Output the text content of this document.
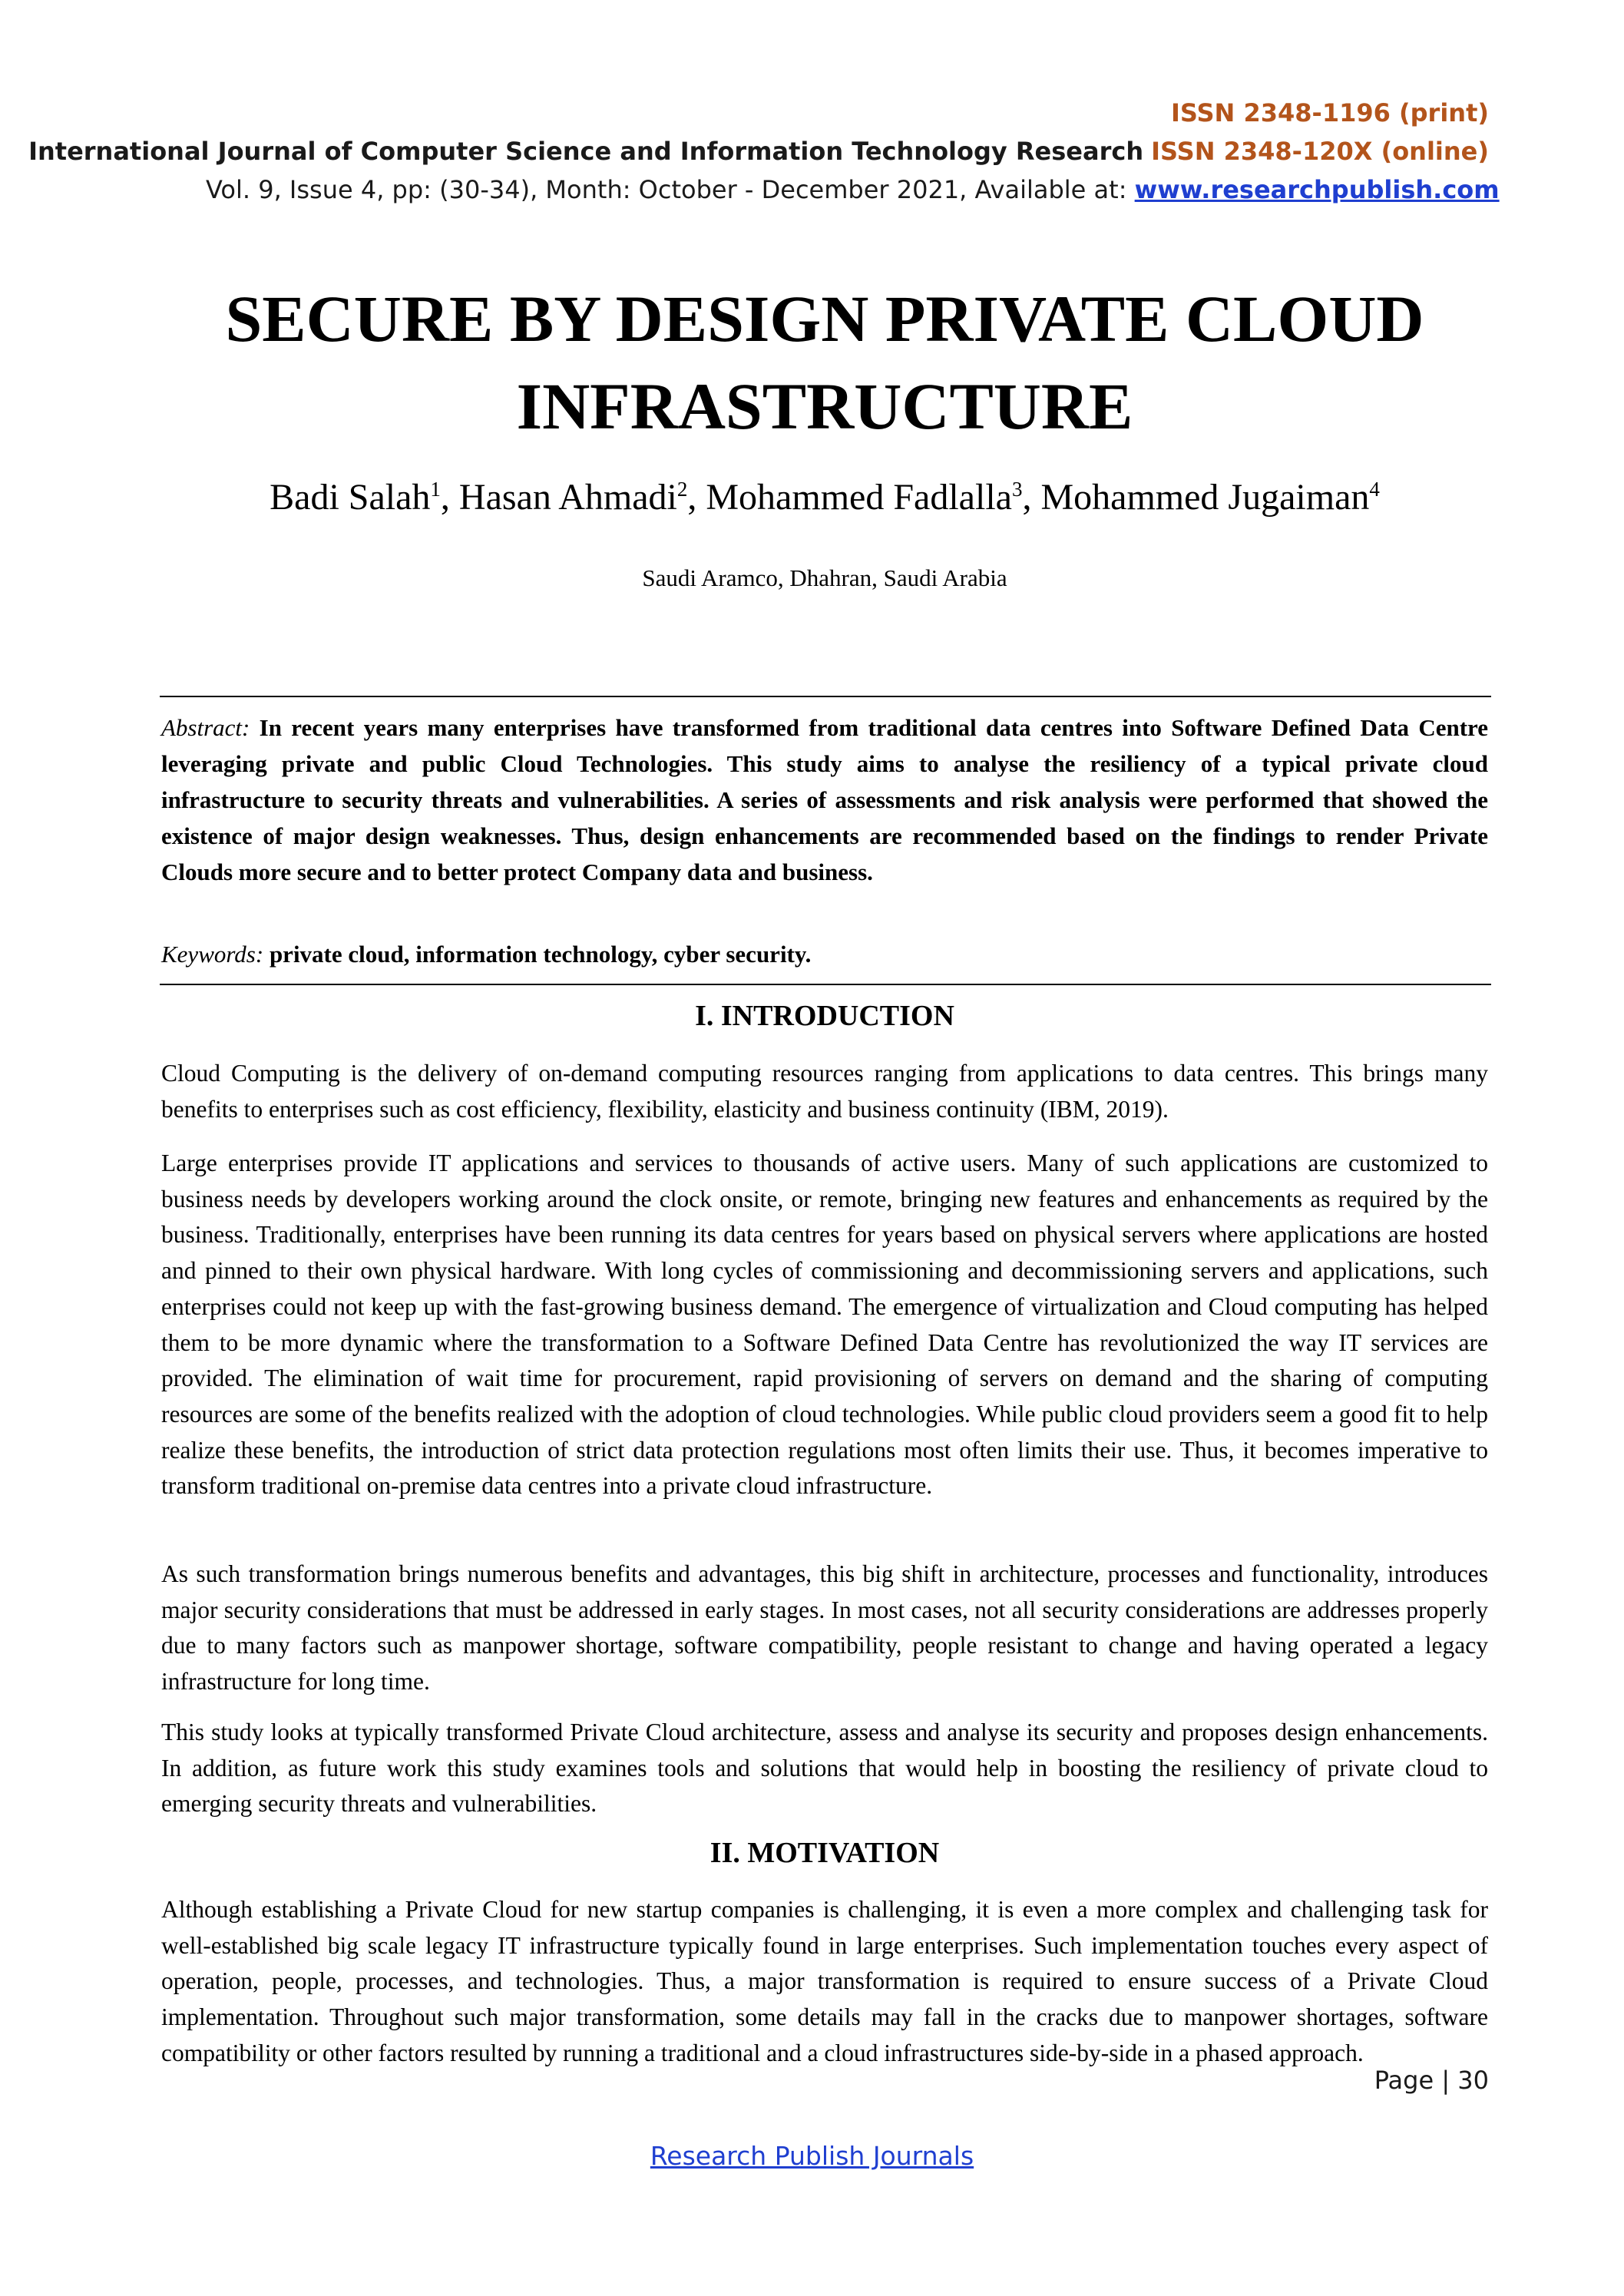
ISSN 2348-1196 (print)
International Journal of Computer Science and Information Technology Research ISSN 2348-120X (online)
Vol. 9, Issue 4, pp: (30-34), Month: October - December 2021, Available at: www.researchpublish.com
SECURE BY DESIGN PRIVATE CLOUD INFRASTRUCTURE
Badi Salah$^1$, Hasan Ahmadi$^2$, Mohammed Fadlalla$^3$, Mohammed Jugaiman$^4$
Saudi Aramco, Dhahran, Saudi Arabia

Abstract: In recent years many enterprises have transformed from traditional data centres into Software Defined Data Centre leveraging private and public Cloud Technologies. This study aims to analyse the resiliency of a typical private cloud infrastructure to security threats and vulnerabilities. A series of assessments and risk analysis were performed that showed the existence of major design weaknesses. Thus, design enhancements are recommended based on the findings to render Private Clouds more secure and to better protect Company data and business.

Keywords: private cloud, information technology, cyber security.

I. INTRODUCTION

Cloud Computing is the delivery of on-demand computing resources ranging from applications to data centres. This brings many benefits to enterprises such as cost efficiency, flexibility, elasticity and business continuity (IBM, 2019).

Large enterprises provide IT applications and services to thousands of active users. Many of such applications are customized to business needs by developers working around the clock onsite, or remote, bringing new features and enhancements as required by the business. Traditionally, enterprises have been running its data centres for years based on physical servers where applications are hosted and pinned to their own physical hardware. With long cycles of commissioning and decommissioning servers and applications, such enterprises could not keep up with the fast-growing business demand. The emergence of virtualization and Cloud computing has helped them to be more dynamic where the transformation to a Software Defined Data Centre has revolutionized the way IT services are provided. The elimination of wait time for procurement, rapid provisioning of servers on demand and the sharing of computing resources are some of the benefits realized with the adoption of cloud technologies. While public cloud providers seem a good fit to help realize these benefits, the introduction of strict data protection regulations most often limits their use. Thus, it becomes imperative to transform traditional on-premise data centres into a private cloud infrastructure.

As such transformation brings numerous benefits and advantages, this big shift in architecture, processes and functionality, introduces major security considerations that must be addressed in early stages. In most cases, not all security considerations are addresses properly due to many factors such as manpower shortage, software compatibility, people resistant to change and having operated a legacy infrastructure for long time.

This study looks at typically transformed Private Cloud architecture, assess and analyse its security and proposes design enhancements. In addition, as future work this study examines tools and solutions that would help in boosting the resiliency of private cloud to emerging security threats and vulnerabilities.

II. MOTIVATION

Although establishing a Private Cloud for new startup companies is challenging, it is even a more complex and challenging task for well-established big scale legacy IT infrastructure typically found in large enterprises. Such implementation touches every aspect of operation, people, processes, and technologies. Thus, a major transformation is required to ensure success of a Private Cloud implementation. Throughout such major transformation, some details may fall in the cracks due to manpower shortages, software compatibility or other factors resulted by running a traditional and a cloud infrastructures side-by-side in a phased approach.

Page | 30
Research Publish Journals
